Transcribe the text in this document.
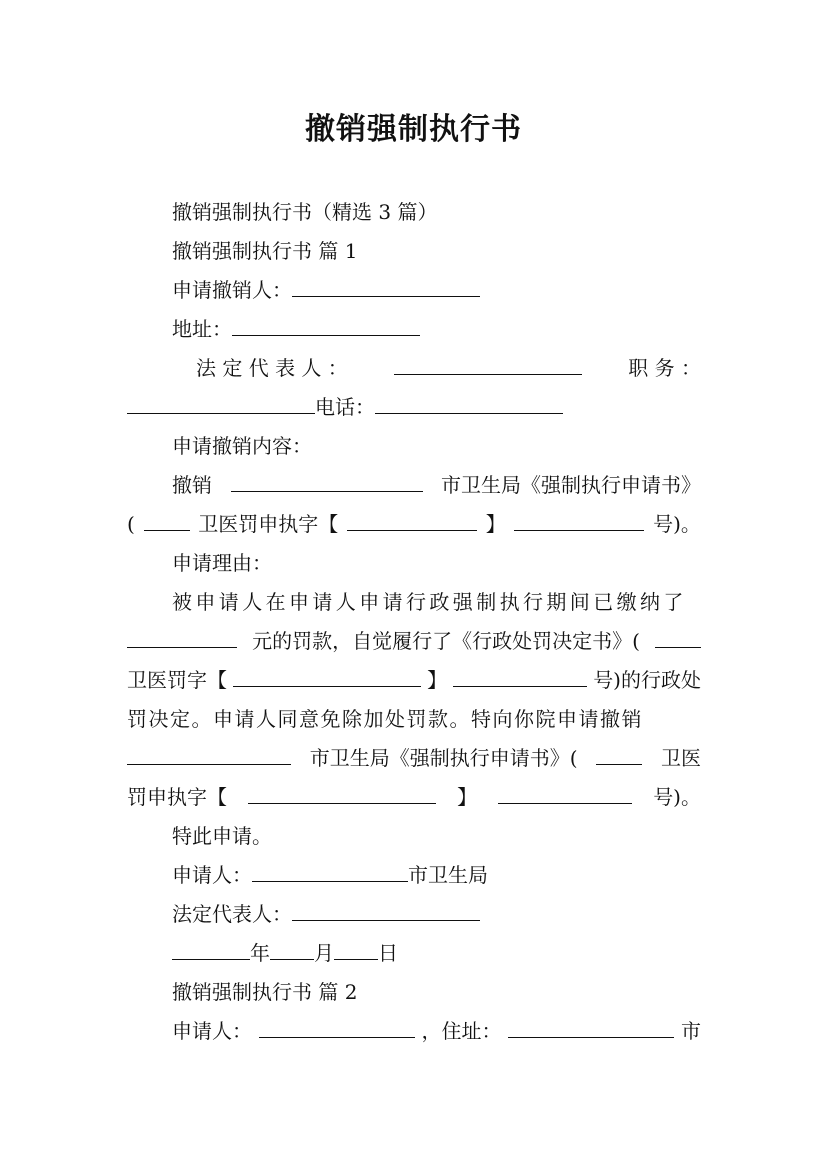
撤销强制执行书
撤销强制执行书（精选 3 篇）
撤销强制执行书 篇 1
申请撤销人：
地址：
法 定 代 表 人 ：	职 务 ：
电话：
申请撤销内容：
撤销	市卫生局《强制执行申请书》
(	卫医罚申执字【	】	号)。
申请理由：
被申请人在申请人申请行政强制执行期间已缴纳了
元的罚款，自觉履行了《行政处罚决定书》(
卫医罚字【	】	号)的行政处
罚决定。申请人同意免除加处罚款。特向你院申请撤销
市卫生局《强制执行申请书》(	卫医
罚申执字【	】	号)。
特此申请。
申请人：	市卫生局
法定代表人：
年 月 日
撤销强制执行书 篇 2
申请人：	，住址：	市
